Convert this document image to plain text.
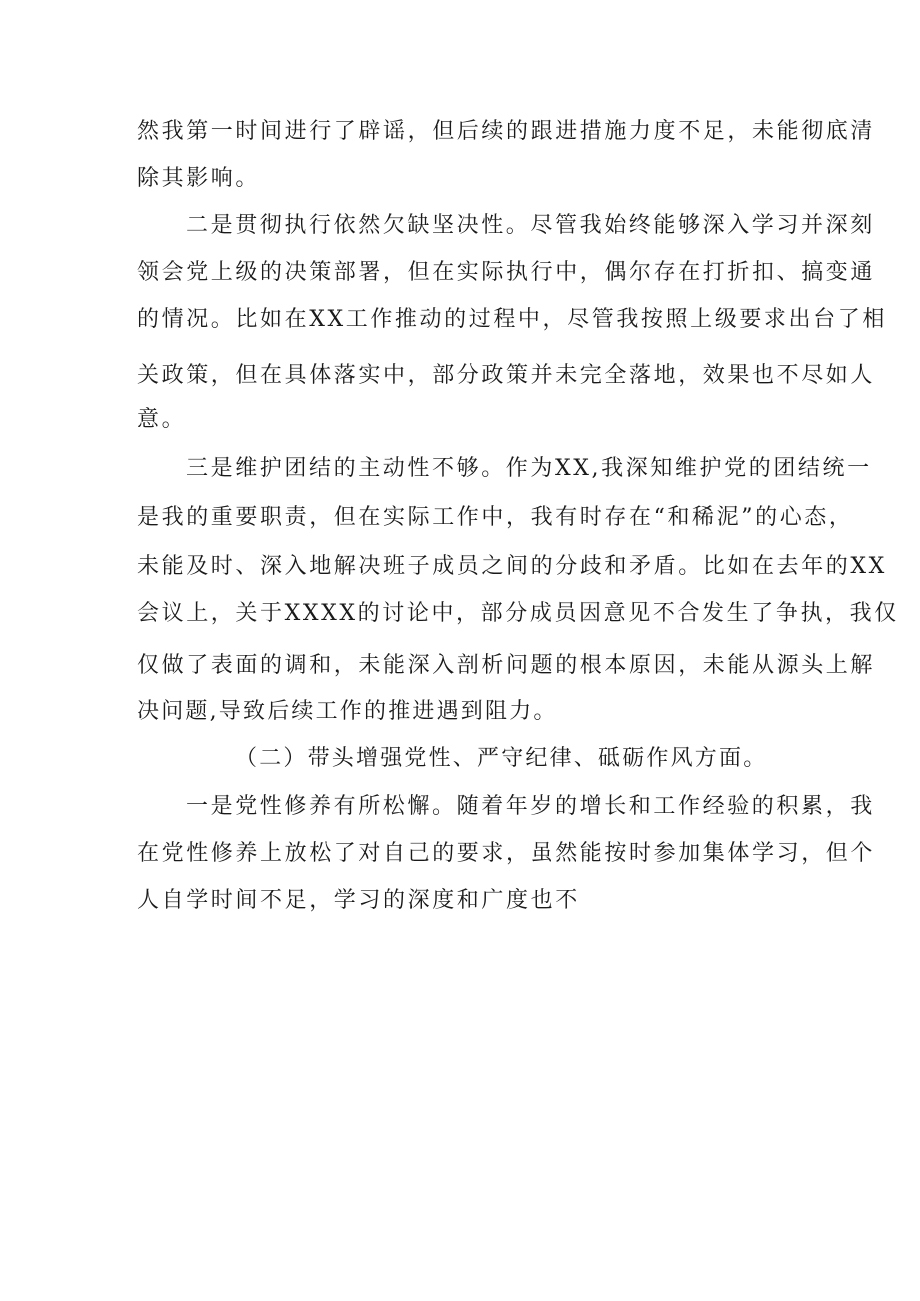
然我第一时间进行了辟谣，但后续的跟进措施力度不足，未能彻底清
除其影响。
二是贯彻执行依然欠缺坚决性。尽管我始终能够深入学习并深刻
领会党上级的决策部署，但在实际执行中，偶尔存在打折扣、搞变通
的情况。比如在XX工作推动的过程中，尽管我按照上级要求出台了相
关政策，但在具体落实中，部分政策并未完全落地，效果也不尽如人
意。
三是维护团结的主动性不够。作为XX,我深知维护党的团结统一
是我的重要职责，但在实际工作中，我有时存在“和稀泥”的心态，
未能及时、深入地解决班子成员之间的分歧和矛盾。比如在去年的XX
会议上，关于XXXX的讨论中，部分成员因意见不合发生了争执，我仅
仅做了表面的调和，未能深入剖析问题的根本原因，未能从源头上解
决问题,导致后续工作的推进遇到阻力。
（二）带头增强党性、严守纪律、砥砺作风方面。
一是党性修养有所松懈。随着年岁的增长和工作经验的积累，我
在党性修养上放松了对自己的要求，虽然能按时参加集体学习，但个
人自学时间不足，学习的深度和广度也不
